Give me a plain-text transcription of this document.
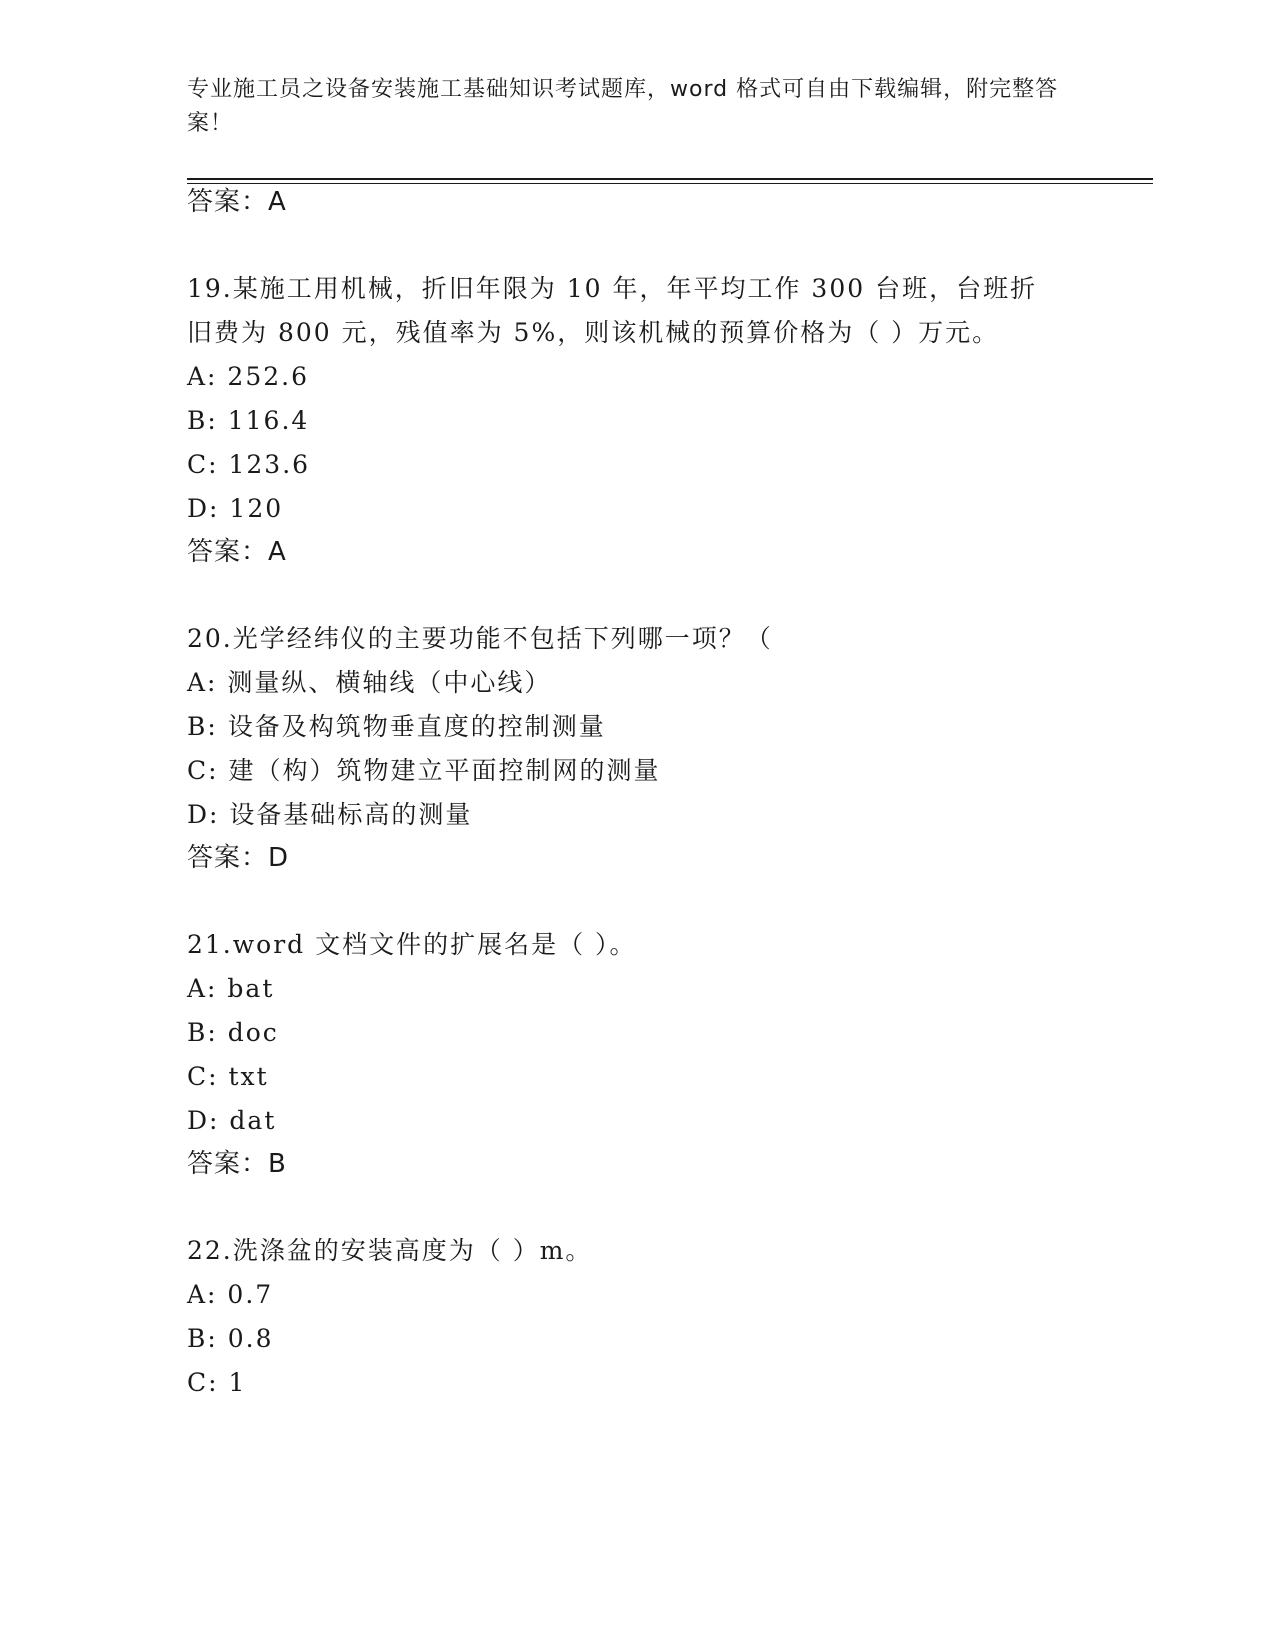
专业施工员之设备安装施工基础知识考试题库，word 格式可自由下载编辑，附完整答案！
答案：A
19.某施工用机械，折旧年限为 10 年，年平均工作 300 台班，台班折
旧费为 800 元，残值率为 5%，则该机械的预算价格为（ ）万元。
A: 252.6
B: 116.4
C: 123.6
D: 120
答案：A
20.光学经纬仪的主要功能不包括下列哪一项？（
A: 测量纵、横轴线（中心线）
B: 设备及构筑物垂直度的控制测量
C: 建（构）筑物建立平面控制网的测量
D: 设备基础标高的测量
答案：D
21.word 文档文件的扩展名是（ ）。
A: bat
B: doc
C: txt
D: dat
答案：B
22.洗涤盆的安装高度为（ ）m。
A: 0.7
B: 0.8
C: 1
